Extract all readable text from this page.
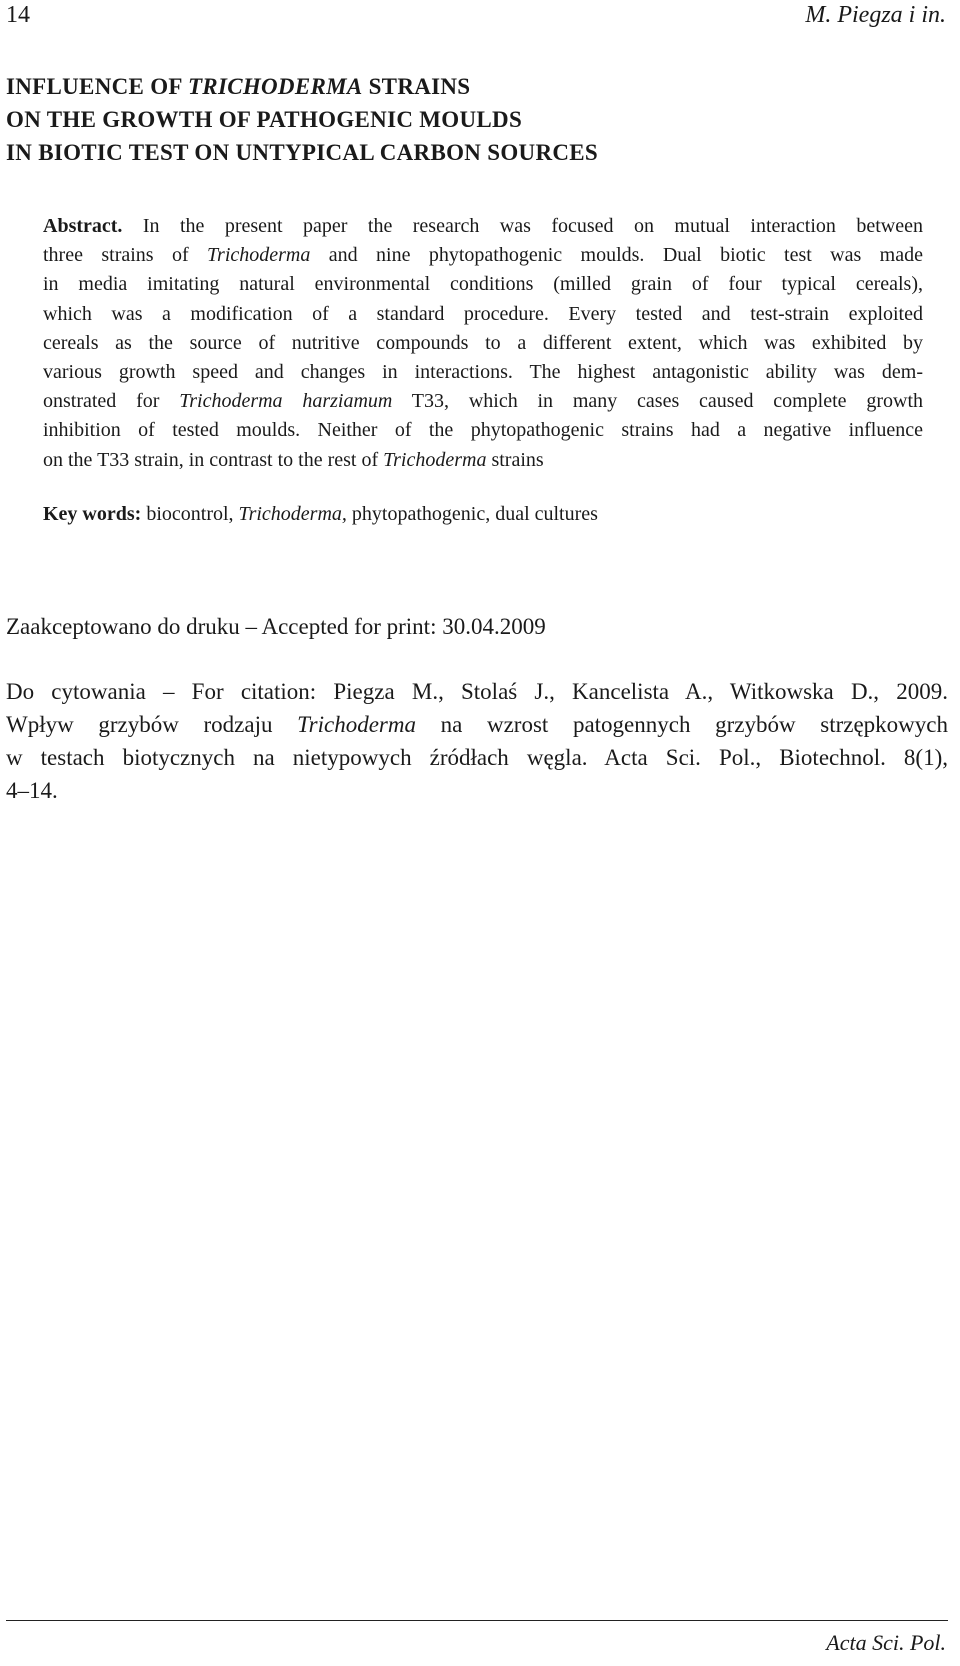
14	M. Piegza i in.
INFLUENCE OF TRICHODERMA STRAINS
ON THE GROWTH OF PATHOGENIC MOULDS
IN BIOTIC TEST ON UNTYPICAL CARBON SOURCES
Abstract. In the present paper the research was focused on mutual interaction between
three strains of Trichoderma and nine phytopathogenic moulds. Dual biotic test was made
in media imitating natural environmental conditions (milled grain of four typical cereals),
which was a modification of a standard procedure. Every tested and test-strain exploited
cereals as the source of nutritive compounds to a different extent, which was exhibited by
various growth speed and changes in interactions. The highest antagonistic ability was dem-
onstrated for Trichoderma harziamum T33, which in many cases caused complete growth
inhibition of tested moulds. Neither of the phytopathogenic strains had a negative influence
on the T33 strain, in contrast to the rest of Trichoderma strains
Key words: biocontrol, Trichoderma, phytopathogenic, dual cultures
Zaakceptowano do druku – Accepted for print: 30.04.2009
Do cytowania – For citation: Piegza M., Stolaś J., Kancelista A., Witkowska D., 2009.
Wpływ grzybów rodzaju Trichoderma na wzrost patogennych grzybów strzępkowych
w testach biotycznych na nietypowych źródłach węgla. Acta Sci. Pol., Biotechnol. 8(1),
4–14.
Acta Sci. Pol.
